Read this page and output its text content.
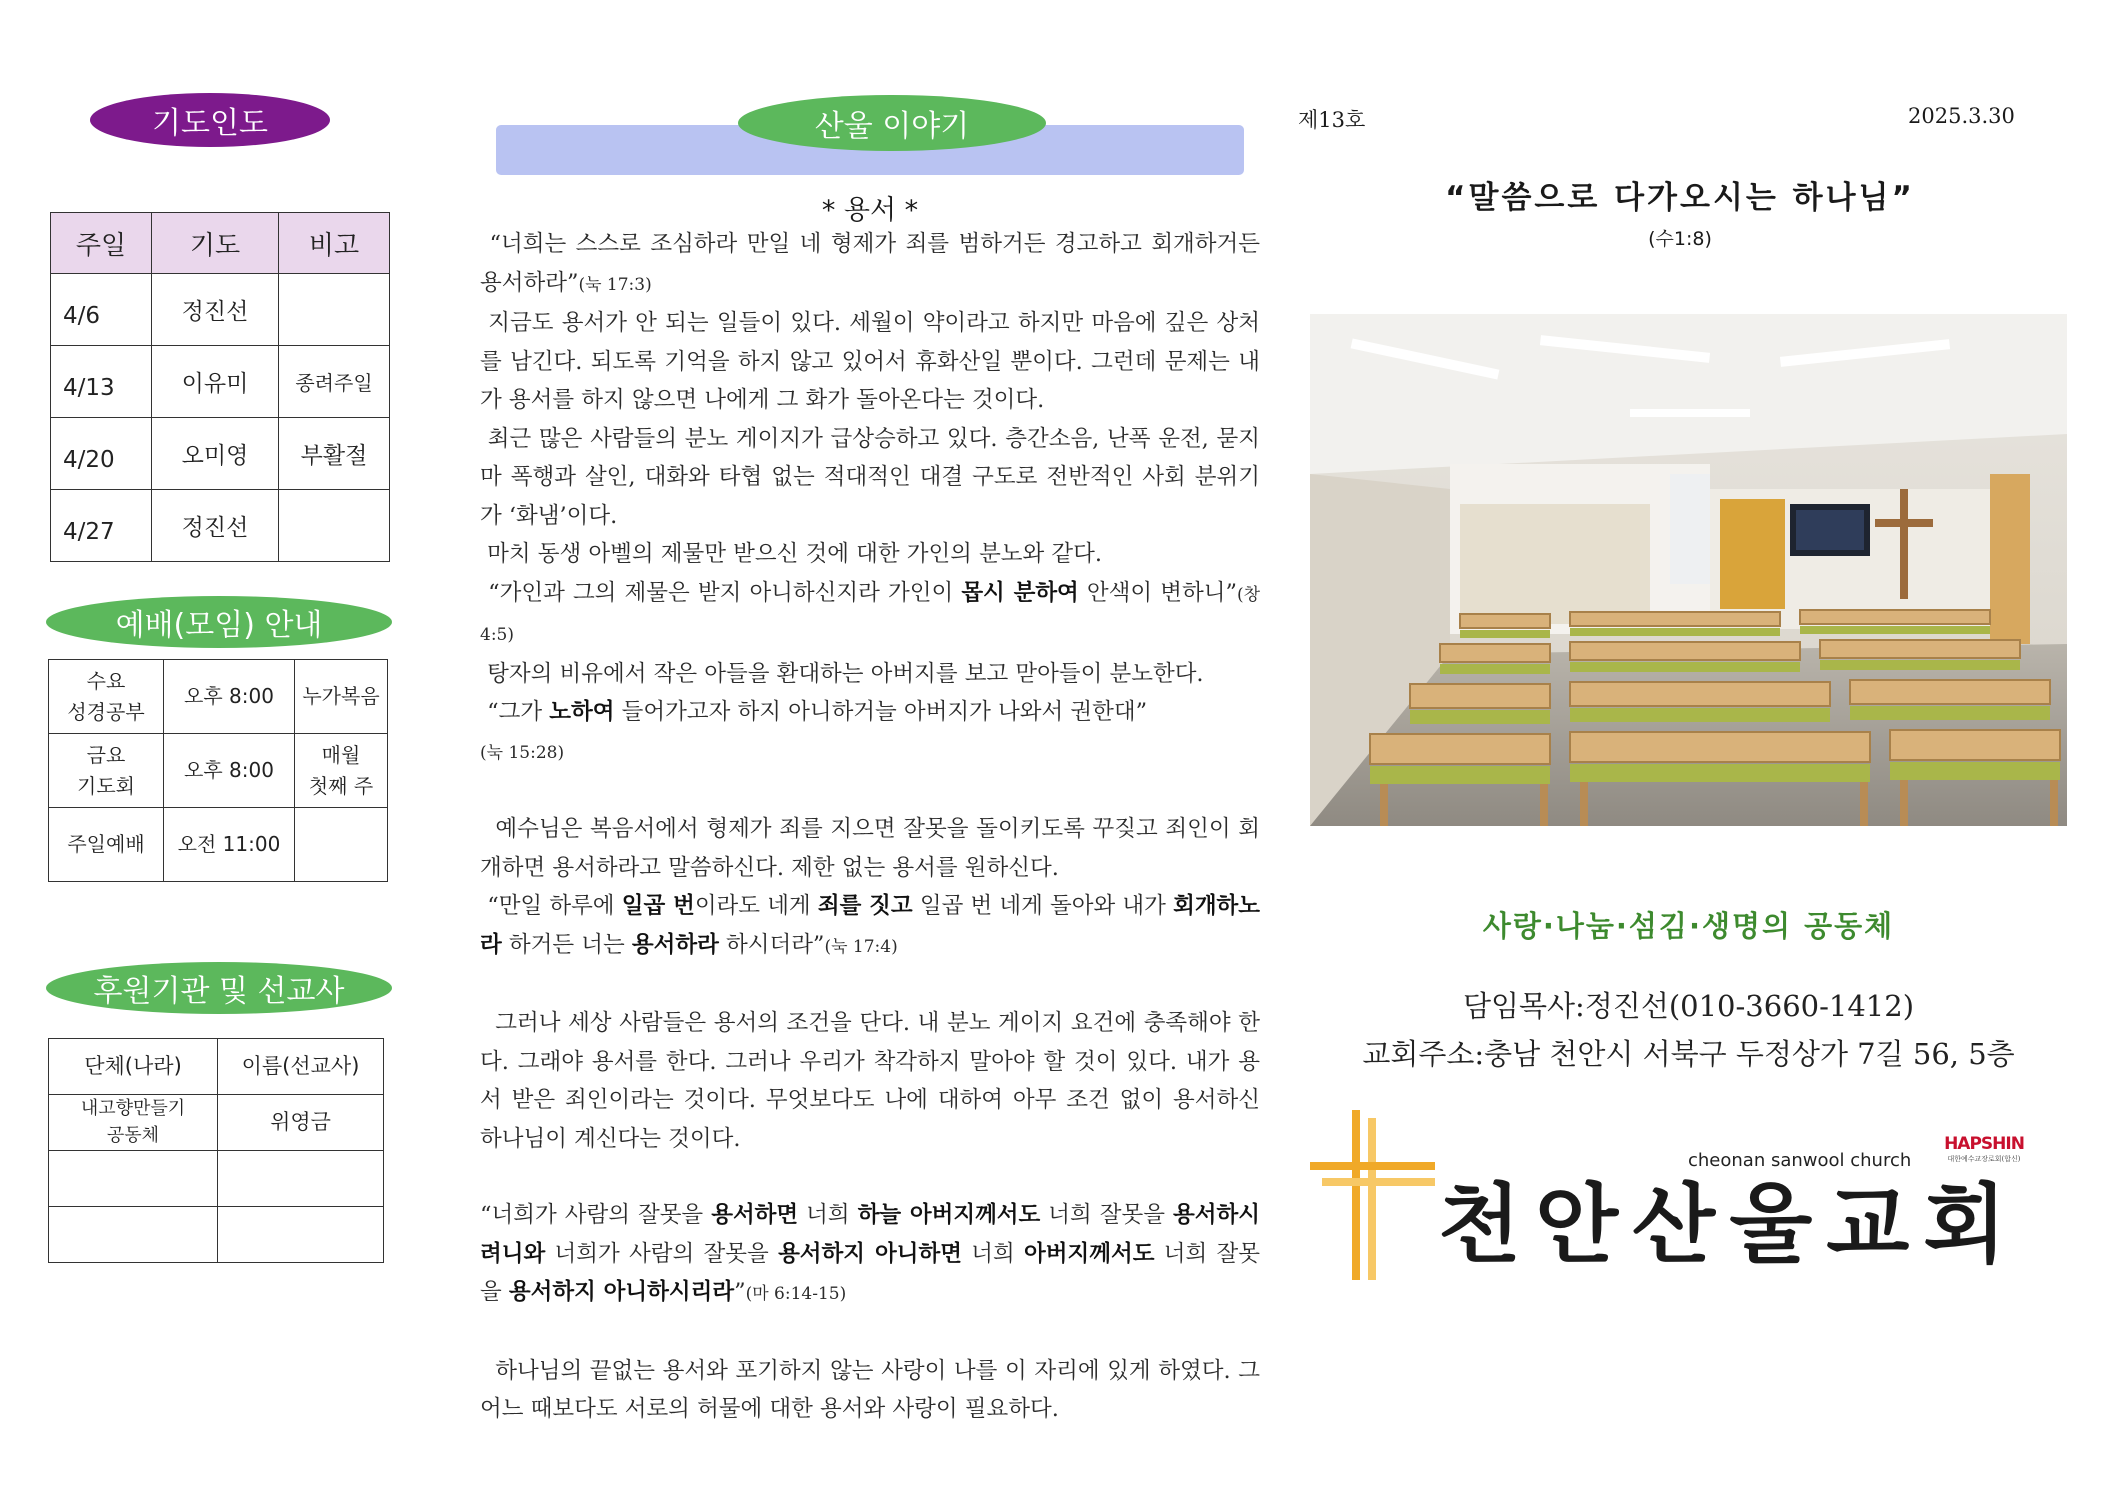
기도인도
주일	기도	비고
4/6	정진선	
4/13	이유미	종려주일
4/20	오미영	부활절
4/27	정진선	
예배(모임) 안내
수요
성경공부	오후 8:00	누가복음
금요
기도회	오후 8:00	매월
첫째 주
주일예배	오전 11:00	
후원기관 및 선교사
단체(나라)	이름(선교사)
내고향만들기
공동체	위영금

산울 이야기
* 용서 *

“너희는 스스로 조심하라 만일 네 형제가 죄를 범하거든 경고하고 회개하거든 용서하라”(눅 17:3)

지금도 용서가 안 되는 일들이 있다. 세월이 약이라고 하지만 마음에 깊은 상처를 남긴다. 되도록 기억을 하지 않고 있어서 휴화산일 뿐이다. 그런데 문제는 내가 용서를 하지 않으면 나에게 그 화가 돌아온다는 것이다.

최근 많은 사람들의 분노 게이지가 급상승하고 있다. 층간소음, 난폭 운전, 묻지마 폭행과 살인, 대화와 타협 없는 적대적인 대결 구도로 전반적인 사회 분위기가 ‘화냄’이다.

마치 동생 아벨의 제물만 받으신 것에 대한 가인의 분노와 같다.

“가인과 그의 제물은 받지 아니하신지라 가인이 몹시 분하여 안색이 변하니”(창 4:5)

탕자의 비유에서 작은 아들을 환대하는 아버지를 보고 맏아들이 분노한다.

“그가 노하여 들어가고자 하지 아니하거늘 아버지가 나와서 권한대”
(눅 15:28)

예수님은 복음서에서 형제가 죄를 지으면 잘못을 돌이키도록 꾸짖고 죄인이 회개하면 용서하라고 말씀하신다. 제한 없는 용서를 원하신다.

“만일 하루에 일곱 번이라도 네게 죄를 짓고 일곱 번 네게 돌아와 내가 회개하노라 하거든 너는 용서하라 하시더라”(눅 17:4)

그러나 세상 사람들은 용서의 조건을 단다. 내 분노 게이지 요건에 충족해야 한다. 그래야 용서를 한다. 그러나 우리가 착각하지 말아야 할 것이 있다. 내가 용서 받은 죄인이라는 것이다. 무엇보다도 나에 대하여 아무 조건 없이 용서하신 하나님이 계신다는 것이다.

“너희가 사람의 잘못을 용서하면 너희 하늘 아버지께서도 너희 잘못을 용서하시려니와 너희가 사람의 잘못을 용서하지 아니하면 너희 아버지께서도 너희 잘못을 용서하지 아니하시리라”(마 6:14-15)

하나님의 끝없는 용서와 포기하지 않는 사랑이 나를 이 자리에 있게 하였다. 그 어느 때보다도 서로의 허물에 대한 용서와 사랑이 필요하다.

제13호	2025.3.30
“말씀으로 다가오시는 하나님”
(수1:8)
사랑·나눔·섬김·생명의 공동체
담임목사:정진선(010-3660-1412)
교회주소:충남 천안시 서북구 두정상가 7길 56, 5층
cheonan sanwool church
HAPSHIN
대한예수교장로회(합신)
천안산울교회
